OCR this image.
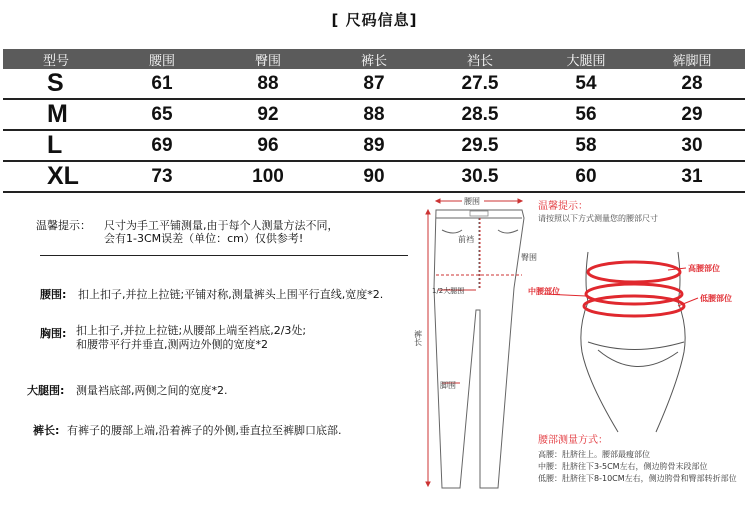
[ 尺码信息]
型号	腰围	臀围	裤长	裆长	大腿围	裤脚围
S	61	88	87	27.5	54	28
M	65	92	88	28.5	56	29
L	69	96	89	29.5	58	30
XL	73	100	90	30.5	60	31
温馨提示： 尺寸为手工平铺测量,由于每个人测量方法不同，
会有1-3CM误差（单位：cm）仅供参考!
腰围: 扣上扣子,并拉上拉链;平铺对称,测量裤头上围平行直线,宽度*2.
胸围: 扣上扣子,并拉上拉链;从腰部上端至裆底,2/3处;
和腰带平行并垂直,测两边外侧的宽度*2
大腿围: 测量裆底部,两侧之间的宽度*2.
裤长: 有裤子的腰部上端,沿着裤子的外侧,垂直拉至裤脚口底部.
腰围
前裆
臀围
1/2大腿围
裤长
脚围
温馨提示：
请按照以下方式测量您的腰部尺寸
高腰部位
中腰部位
低腰部位
腰部测量方式：
高腰：肚脐往上。腰部最瘦部位
中腰：肚脐往下3-5CM左右，侧边胯骨末段部位
低腰：肚脐往下8-10CM左右，侧边胯骨和臀部转折部位
